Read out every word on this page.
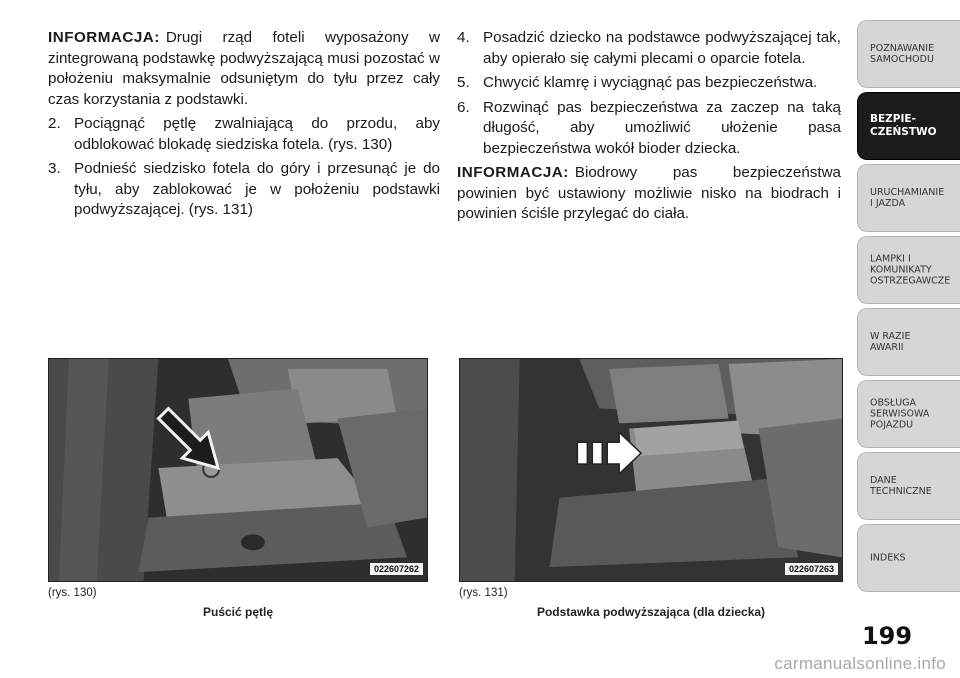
INFORMACJA: Drugi rząd foteli wyposażony w zintegrowaną podstawkę podwyższającą musi pozostać w położeniu maksymalnie odsuniętym do tyłu przez cały czas korzystania z podstawki.

2. Pociągnąć pętlę zwalniającą do przodu, aby odblokować blokadę siedziska fotela. (rys. 130)
3. Podnieść siedzisko fotela do góry i przesunąć je do tyłu, aby zablokować je w położeniu podstawki podwyższającej. (rys. 131)
4. Posadzić dziecko na podstawce podwyższającej tak, aby opierało się całymi plecami o oparcie fotela.
5. Chwycić klamrę i wyciągnąć pas bezpieczeństwa.
6. Rozwinąć pas bezpieczeństwa za zaczep na taką długość, aby umożliwić ułożenie pasa bezpieczeństwa wokół bioder dziecka.

INFORMACJA: Biodrowy pas bezpieczeństwa powinien być ustawiony możliwie nisko na biodrach i powinien ściśle przylegać do ciała.

022607262	022607263
(rys. 130)
Puścić pętlę
(rys. 131)
Podstawka podwyższająca (dla dziecka)
POZNAWANIE
SAMOCHODU
BEZPIE-
CZEŃSTWO
URUCHAMIANIE
I JAZDA
LAMPKI I
KOMUNIKATY
OSTRZEGAWCZE
W RAZIE
AWARII
OBSŁUGA
SERWISOWA
POJAZDU
DANE
TECHNICZNE
INDEKS
199
carmanualsonline.info
